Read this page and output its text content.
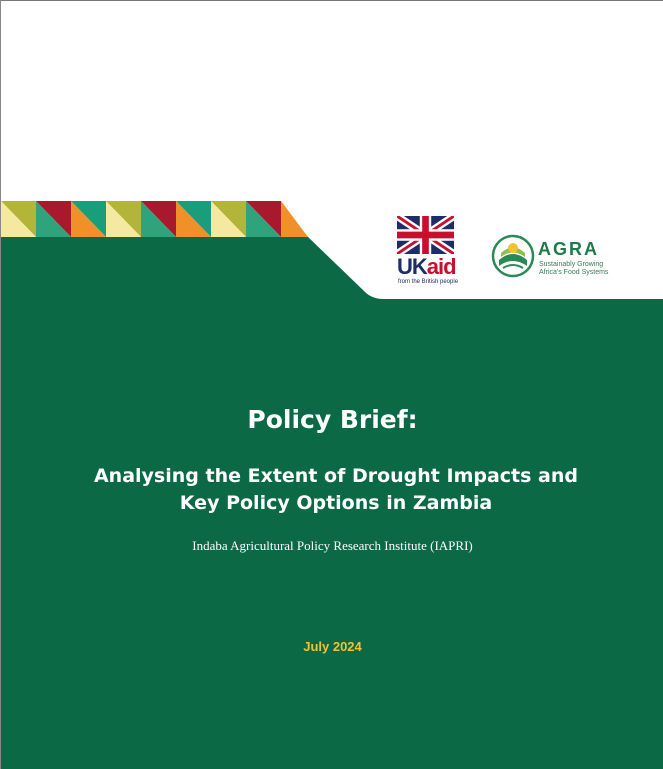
UKaid
from the British people
AGRA
Sustainably Growing
Africa's Food Systems
Policy Brief:
Analysing the Extent of Drought Impacts and
Key Policy Options in Zambia
Indaba Agricultural Policy Research Institute (IAPRI)
July 2024
